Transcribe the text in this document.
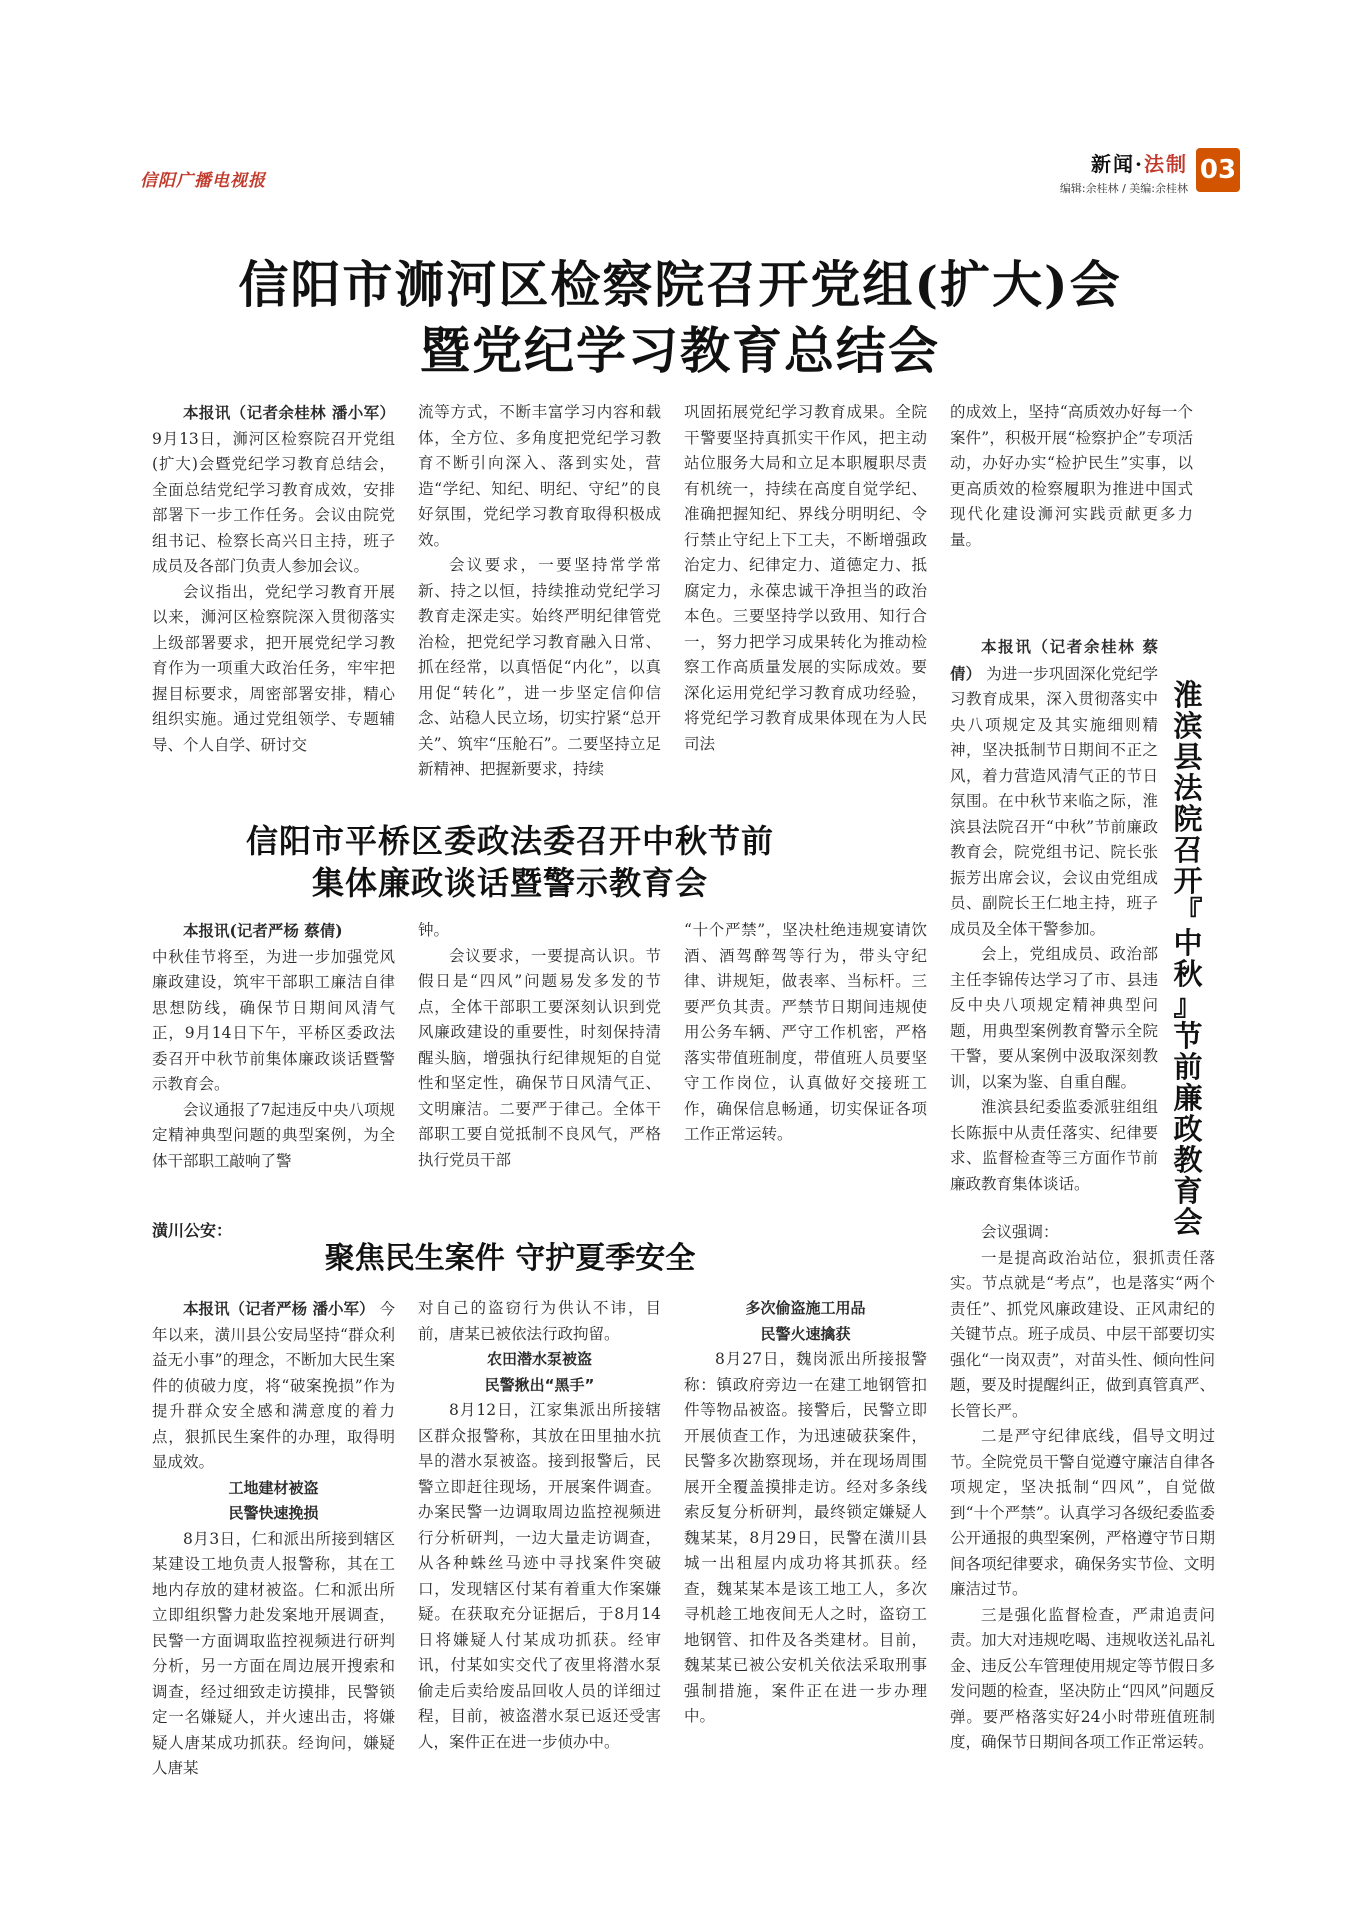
信阳广播电视报
新闻·法制
编辑:余桂林 / 美编:余桂林
03
信阳市浉河区检察院召开党组(扩大)会
暨党纪学习教育总结会

本报讯（记者余桂林 潘小军） 9月13日，浉河区检察院召开党组(扩大)会暨党纪学习教育总结会，全面总结党纪学习教育成效，安排部署下一步工作任务。会议由院党组书记、检察长高兴日主持，班子成员及各部门负责人参加会议。

会议指出，党纪学习教育开展以来，浉河区检察院深入贯彻落实上级部署要求，把开展党纪学习教育作为一项重大政治任务，牢牢把握目标要求，周密部署安排，精心组织实施。通过党组领学、专题辅导、个人自学、研讨交

流等方式，不断丰富学习内容和载体，全方位、多角度把党纪学习教育不断引向深入、落到实处，营造“学纪、知纪、明纪、守纪”的良好氛围，党纪学习教育取得积极成效。

会议要求，一要坚持常学常新、持之以恒，持续推动党纪学习教育走深走实。始终严明纪律管党治检，把党纪学习教育融入日常、抓在经常，以真悟促“内化”，以真用促“转化”，进一步坚定信仰信念、站稳人民立场，切实拧紧“总开关”、筑牢“压舱石”。二要坚持立足新精神、把握新要求，持续

巩固拓展党纪学习教育成果。全院干警要坚持真抓实干作风，把主动站位服务大局和立足本职履职尽责有机统一，持续在高度自觉学纪、准确把握知纪、界线分明明纪、令行禁止守纪上下工夫，不断增强政治定力、纪律定力、道德定力、抵腐定力，永葆忠诚干净担当的政治本色。三要坚持学以致用、知行合一，努力把学习成果转化为推动检察工作高质量发展的实际成效。要深化运用党纪学习教育成功经验，将党纪学习教育成果体现在为人民司法

的成效上，坚持“高质效办好每一个案件”，积极开展“检察护企”专项活动，办好办实“检护民生”实事，以更高质效的检察履职为推进中国式现代化建设浉河实践贡献更多力量。

信阳市平桥区委政法委召开中秋节前
集体廉政谈话暨警示教育会

本报讯(记者严杨 蔡倩)

中秋佳节将至，为进一步加强党风廉政建设，筑牢干部职工廉洁自律思想防线，确保节日期间风清气正，9月14日下午，平桥区委政法委召开中秋节前集体廉政谈话暨警示教育会。

会议通报了7起违反中央八项规定精神典型问题的典型案例，为全体干部职工敲响了警

钟。

会议要求，一要提高认识。节假日是“四风”问题易发多发的节点，全体干部职工要深刻认识到党风廉政建设的重要性，时刻保持清醒头脑，增强执行纪律规矩的自觉性和坚定性，确保节日风清气正、文明廉洁。二要严于律己。全体干部职工要自觉抵制不良风气，严格执行党员干部

“十个严禁”，坚决杜绝违规宴请饮酒、酒驾醉驾等行为，带头守纪律、讲规矩，做表率、当标杆。三要严负其责。严禁节日期间违规使用公务车辆、严守工作机密，严格落实带值班制度，带值班人员要坚守工作岗位，认真做好交接班工作，确保信息畅通，切实保证各项工作正常运转。

潢川公安：
聚焦民生案件 守护夏季安全

本报讯（记者严杨 潘小军） 今年以来，潢川县公安局坚持“群众利益无小事”的理念，不断加大民生案件的侦破力度，将“破案挽损”作为提升群众安全感和满意度的着力点，狠抓民生案件的办理，取得明显成效。

工地建材被盗

民警快速挽损

8月3日，仁和派出所接到辖区某建设工地负责人报警称，其在工地内存放的建材被盗。仁和派出所立即组织警力赴发案地开展调查，民警一方面调取监控视频进行研判分析，另一方面在周边展开搜索和调查，经过细致走访摸排，民警锁定一名嫌疑人，并火速出击，将嫌疑人唐某成功抓获。经询问，嫌疑人唐某

对自己的盗窃行为供认不讳，目前，唐某已被依法行政拘留。

农田潜水泵被盗

民警揪出“黑手”

8月12日，江家集派出所接辖区群众报警称，其放在田里抽水抗旱的潜水泵被盗。接到报警后，民警立即赶往现场，开展案件调查。办案民警一边调取周边监控视频进行分析研判，一边大量走访调查，从各种蛛丝马迹中寻找案件突破口，发现辖区付某有着重大作案嫌疑。在获取充分证据后，于8月14日将嫌疑人付某成功抓获。经审讯，付某如实交代了夜里将潜水泵偷走后卖给废品回收人员的详细过程，目前，被盗潜水泵已返还受害人，案件正在进一步侦办中。

多次偷盗施工用品

民警火速擒获

8月27日，魏岗派出所接报警称：镇政府旁边一在建工地钢管扣件等物品被盗。接警后，民警立即开展侦查工作，为迅速破获案件，民警多次勘察现场，并在现场周围展开全覆盖摸排走访。经对多条线索反复分析研判，最终锁定嫌疑人魏某某，8月29日，民警在潢川县城一出租屋内成功将其抓获。经查，魏某某本是该工地工人，多次寻机趁工地夜间无人之时，盗窃工地钢管、扣件及各类建材。目前，魏某某已被公安机关依法采取刑事强制措施，案件正在进一步办理中。

淮
滨
县
法
院
召
开
『
中
秋
』
节
前
廉
政
教
育
会

本报讯（记者余桂林 蔡倩） 为进一步巩固深化党纪学习教育成果，深入贯彻落实中央八项规定及其实施细则精神，坚决抵制节日期间不正之风，着力营造风清气正的节日氛围。在中秋节来临之际，淮滨县法院召开“中秋”节前廉政教育会，院党组书记、院长张振芳出席会议，会议由党组成员、副院长王仁地主持，班子成员及全体干警参加。

会上，党组成员、政治部主任李锦传达学习了市、县违反中央八项规定精神典型问题，用典型案例教育警示全院干警，要从案例中汲取深刻教训，以案为鉴、自重自醒。

淮滨县纪委监委派驻组组长陈振中从责任落实、纪律要求、监督检查等三方面作节前廉政教育集体谈话。

会议强调：

一是提高政治站位，狠抓责任落实。节点就是“考点”，也是落实“两个责任”、抓党风廉政建设、正风肃纪的关键节点。班子成员、中层干部要切实强化“一岗双责”，对苗头性、倾向性问题，要及时提醒纠正，做到真管真严、长管长严。

二是严守纪律底线，倡导文明过节。全院党员干警自觉遵守廉洁自律各项规定，坚决抵制“四风”，自觉做到“十个严禁”。认真学习各级纪委监委公开通报的典型案例，严格遵守节日期间各项纪律要求，确保务实节俭、文明廉洁过节。

三是强化监督检查，严肃追责问责。加大对违规吃喝、违规收送礼品礼金、违反公车管理使用规定等节假日多发问题的检查，坚决防止“四风”问题反弹。要严格落实好24小时带班值班制度，确保节日期间各项工作正常运转。
